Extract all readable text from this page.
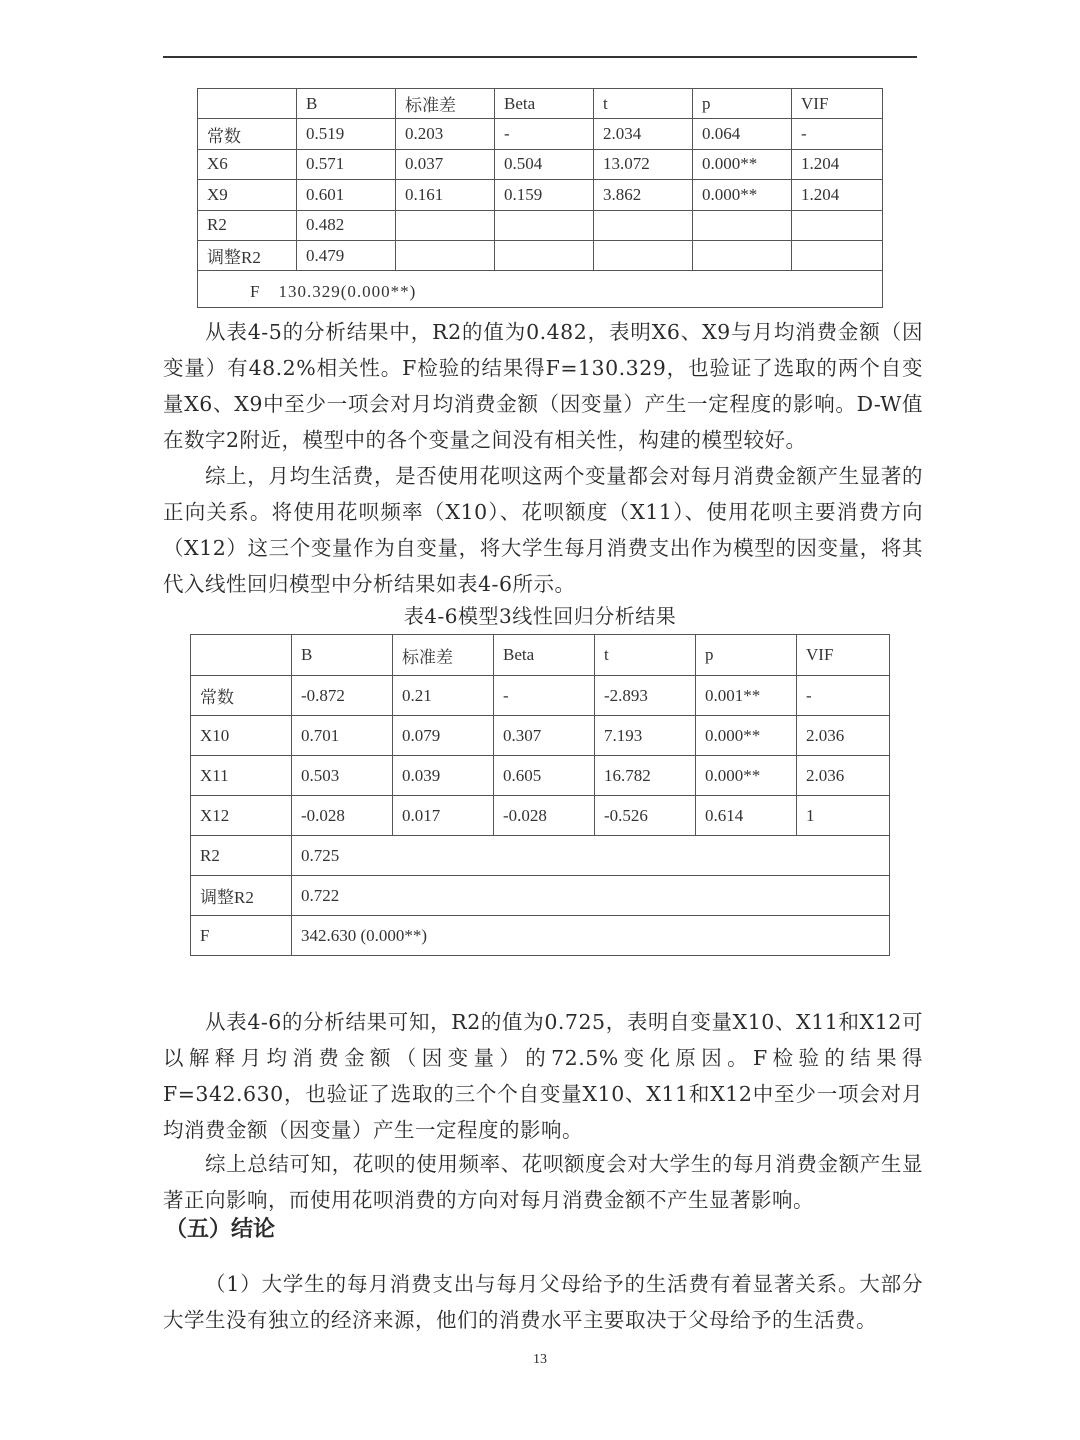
	B	标准差	Beta	t	p	VIF
常数	0.519	0.203	-	2.034	0.064	-
X6	0.571	0.037	0.504	13.072	0.000**	1.204
X9	0.601	0.161	0.159	3.862	0.000**	1.204
R2	0.482					
调整R2	0.479					
F　130.329(0.000**)						

从表4-5的分析结果中，R2的值为0.482，表明X6、X9与月均消费金额（因变量）有48.2%相关性。F检验的结果得F=130.329，也验证了选取的两个自变量X6、X9中至少一项会对月均消费金额（因变量）产生一定程度的影响。D-W值在数字2附近，模型中的各个变量之间没有相关性，构建的模型较好。

综上，月均生活费，是否使用花呗这两个变量都会对每月消费金额产生显著的正向关系。将使用花呗频率（X10）、花呗额度（X11）、使用花呗主要消费方向（X12）这三个变量作为自变量，将大学生每月消费支出作为模型的因变量，将其代入线性回归模型中分析结果如表4-6所示。

表4-6模型3线性回归分析结果
	B	标准差	Beta	t	p	VIF
常数	-0.872	0.21	-	-2.893	0.001**	-
X10	0.701	0.079	0.307	7.193	0.000**	2.036
X11	0.503	0.039	0.605	16.782	0.000**	2.036
X12	-0.028	0.017	-0.028	-0.526	0.614	1
R2	0.725					
调整R2	0.722					
F	342.630 (0.000**)					

从表4-6的分析结果可知，R2的值为0.725，表明自变量X10、X11和X12可以解释月均消费金额（因变量）的72.5%变化原因。F检验的结果得F=342.630，也验证了选取的三个个自变量X10、X11和X12中至少一项会对月均消费金额（因变量）产生一定程度的影响。

综上总结可知，花呗的使用频率、花呗额度会对大学生的每月消费金额产生显著正向影响，而使用花呗消费的方向对每月消费金额不产生显著影响。

（五）结论

（1）大学生的每月消费支出与每月父母给予的生活费有着显著关系。大部分大学生没有独立的经济来源，他们的消费水平主要取决于父母给予的生活费。

13
